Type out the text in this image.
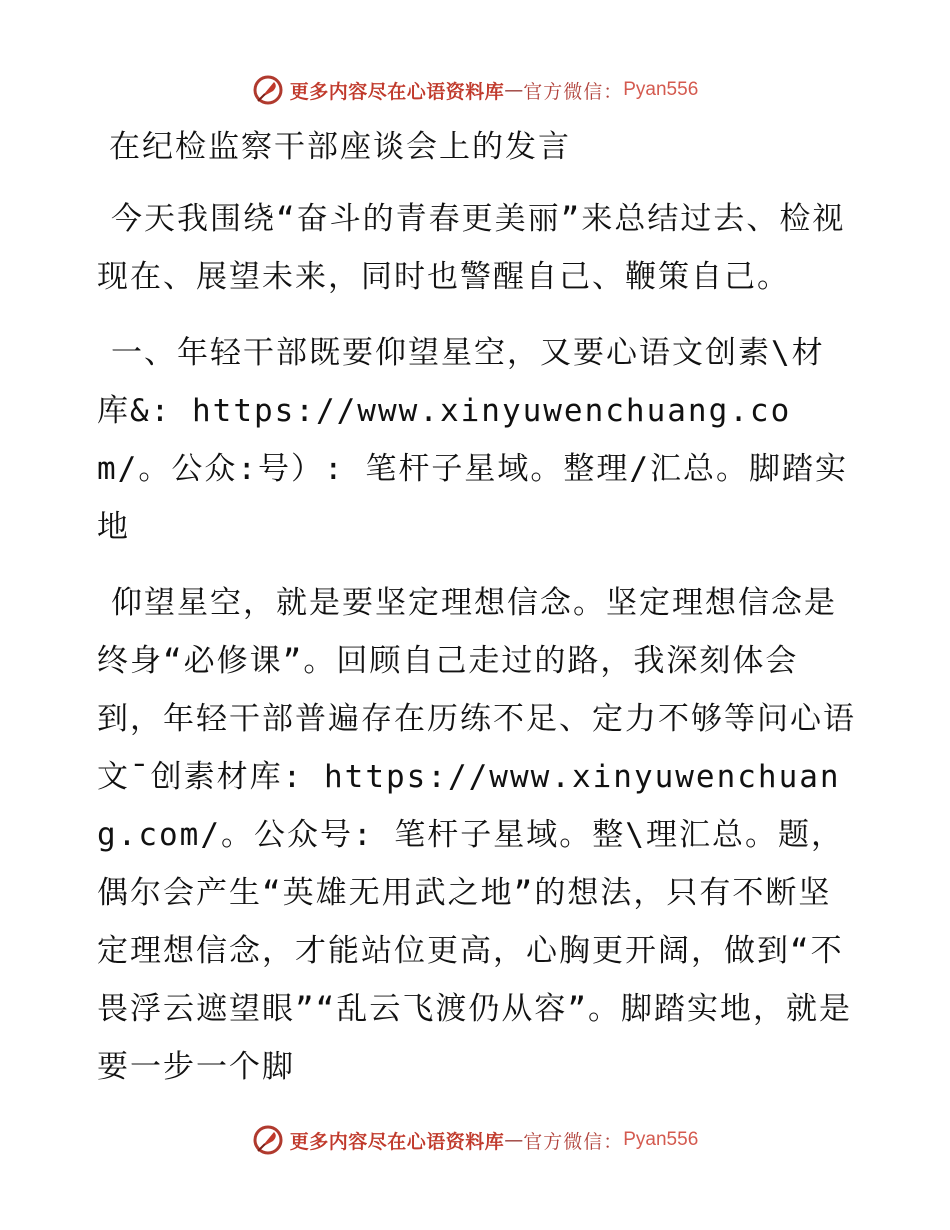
更多内容尽在心语资料库 — 官方微信： Pyan556

在纪检监察干部座谈会上的发言

今天我围绕“奋斗的青春更美丽”来总结过去、检视现在、展望未来，同时也警醒自己、鞭策自己。

一、年轻干部既要仰望星空，又要心语文创素\材库&: https://www.xinyuwenchuang.com/。公众:号）: 笔杆子星域。整理/汇总。脚踏实地

仰望星空，就是要坚定理想信念。坚定理想信念是终身“必修课”。回顾自己走过的路，我深刻体会到，年轻干部普遍存在历练不足、定力不够等问心语文¯创素材库: https://www.xinyuwenchuang.com/。公众号: 笔杆子星域。整\理汇总。题，偶尔会产生“英雄无用武之地”的想法，只有不断坚定理想信念，才能站位更高，心胸更开阔，做到“不畏浮云遮望眼”“乱云飞渡仍从容”。脚踏实地，就是要一步一个脚

更多内容尽在心语资料库 — 官方微信： Pyan556
